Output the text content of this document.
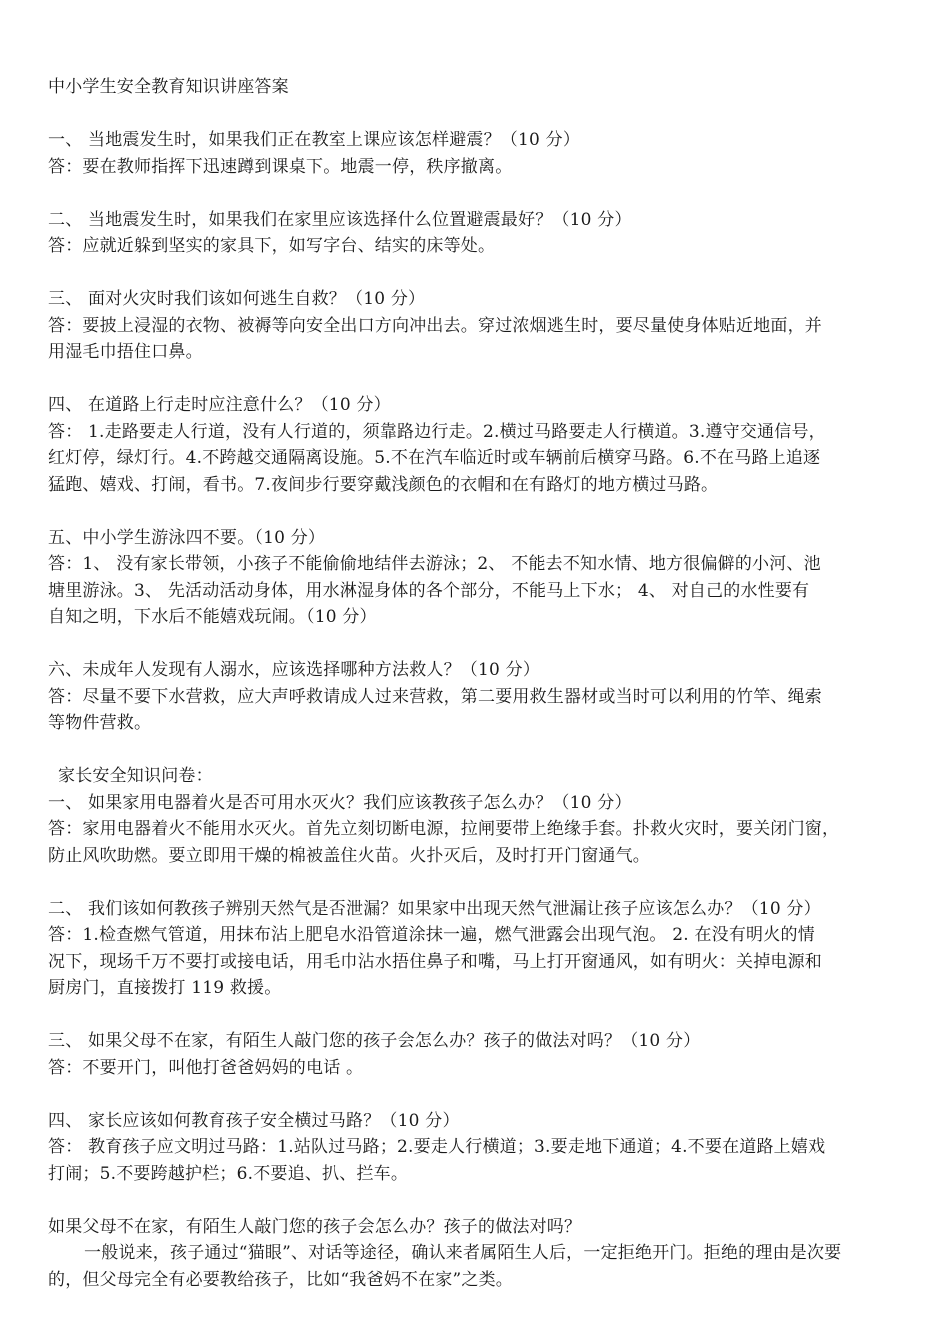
中小学生安全教育知识讲座答案
一、 当地震发生时，如果我们正在教室上课应该怎样避震？（10 分）
答：要在教师指挥下迅速蹲到课桌下。地震一停，秩序撤离。
二、 当地震发生时，如果我们在家里应该选择什么位置避震最好？（10 分）
答：应就近躲到坚实的家具下，如写字台、结实的床等处。
三、 面对火灾时我们该如何逃生自救？（10 分）
答：要披上浸湿的衣物、被褥等向安全出口方向冲出去。穿过浓烟逃生时，要尽量使身体贴近地面，并
用湿毛巾捂住口鼻。
四、 在道路上行走时应注意什么？（10 分）
答： 1.走路要走人行道，没有人行道的，须靠路边行走。2.横过马路要走人行横道。3.遵守交通信号，
红灯停，绿灯行。4.不跨越交通隔离设施。5.不在汽车临近时或车辆前后横穿马路。6.不在马路上追逐
猛跑、嬉戏、打闹，看书。7.夜间步行要穿戴浅颜色的衣帽和在有路灯的地方横过马路。
五、中小学生游泳四不要。（10 分）
答：1、 没有家长带领，小孩子不能偷偷地结伴去游泳；2、 不能去不知水情、地方很偏僻的小河、池
塘里游泳。3、 先活动活动身体，用水淋湿身体的各个部分，不能马上下水； 4、 对自己的水性要有
自知之明，下水后不能嬉戏玩闹。（10 分）
六、未成年人发现有人溺水，应该选择哪种方法救人？（10 分）
答：尽量不要下水营救，应大声呼救请成人过来营救，第二要用救生器材或当时可以利用的竹竿、绳索
等物件营救。
家长安全知识问卷：
一、 如果家用电器着火是否可用水灭火？我们应该教孩子怎么办？（10 分）
答：家用电器着火不能用水灭火。首先立刻切断电源，拉闸要带上绝缘手套。扑救火灾时，要关闭门窗，
防止风吹助燃。要立即用干燥的棉被盖住火苗。火扑灭后，及时打开门窗通气。
二、 我们该如何教孩子辨别天然气是否泄漏？如果家中出现天然气泄漏让孩子应该怎么办？（10 分）
答：1.检查燃气管道，用抹布沾上肥皂水沿管道涂抹一遍，燃气泄露会出现气泡。 2. 在没有明火的情
况下，现场千万不要打或接电话，用毛巾沾水捂住鼻子和嘴，马上打开窗通风，如有明火：关掉电源和
厨房门，直接拨打 119 救援。
三、 如果父母不在家，有陌生人敲门您的孩子会怎么办？孩子的做法对吗？（10 分）
答：不要开门，叫他打爸爸妈妈的电话 。
四、 家长应该如何教育孩子安全横过马路？（10 分）
答： 教育孩子应文明过马路：1.站队过马路；2.要走人行横道；3.要走地下通道；4.不要在道路上嬉戏
打闹；5.不要跨越护栏；6.不要追、扒、拦车。
如果父母不在家，有陌生人敲门您的孩子会怎么办？孩子的做法对吗？
一般说来，孩子通过“猫眼”、对话等途径，确认来者属陌生人后，一定拒绝开门。拒绝的理由是次要
的，但父母完全有必要教给孩子，比如“我爸妈不在家”之类。
